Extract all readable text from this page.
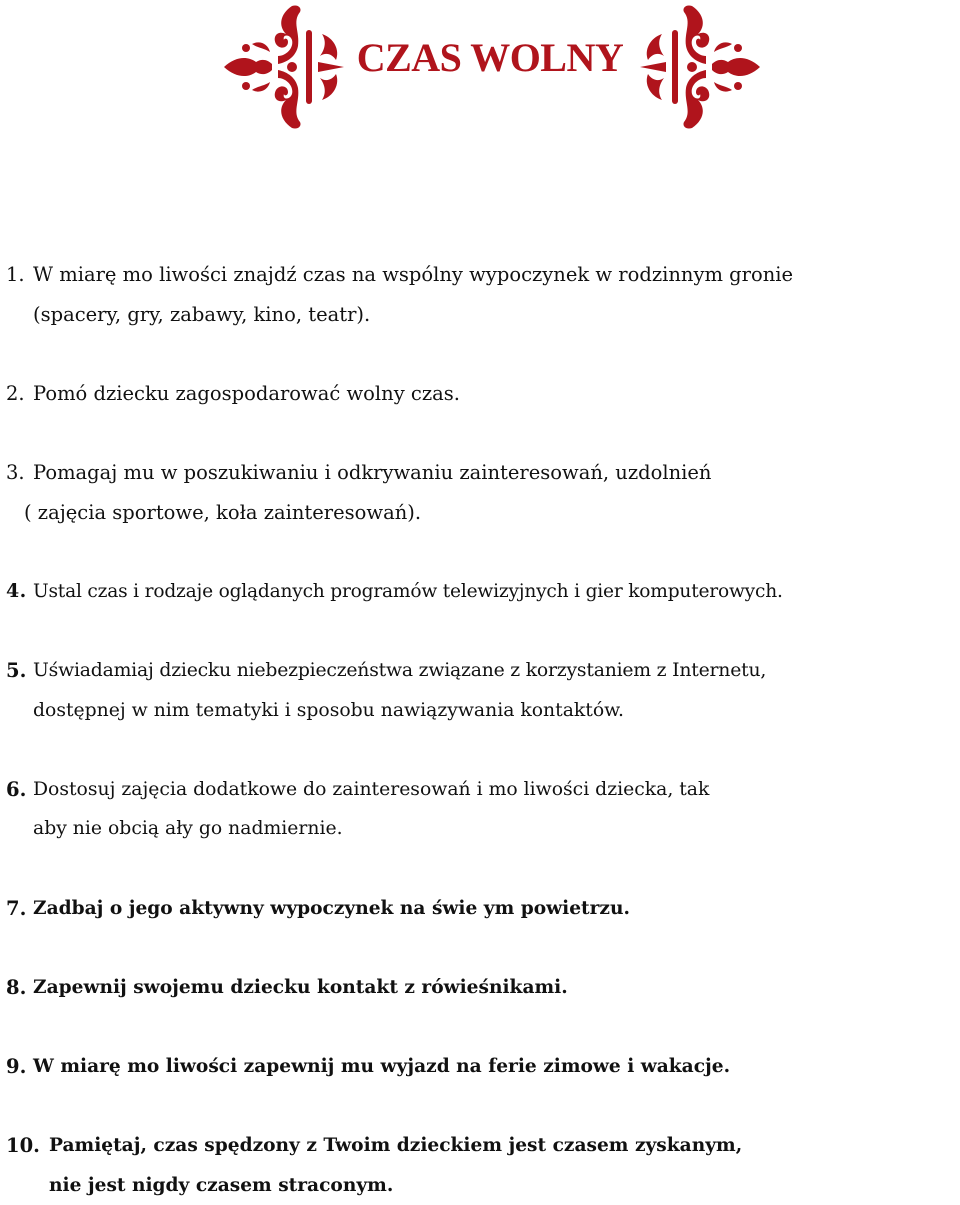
CZAS WOLNY
1. W miarę mo liwości znajdź czas na wspólny wypoczynek w rodzinnym gronie
(spacery, gry, zabawy, kino, teatr).
2. Pomó dziecku zagospodarować wolny czas.
3. Pomagaj mu w poszukiwaniu i odkrywaniu zainteresowań, uzdolnień
( zajęcia sportowe, koła zainteresowań).
4. Ustal czas i rodzaje oglądanych programów telewizyjnych i gier komputerowych.
5. Uświadamiaj dziecku niebezpieczeństwa związane z korzystaniem z Internetu,
dostępnej w nim tematyki i sposobu nawiązywania kontaktów.
6. Dostosuj zajęcia dodatkowe do zainteresowań i mo liwości dziecka, tak
aby nie obcią ały go nadmiernie.
7. Zadbaj o jego aktywny wypoczynek na świe ym powietrzu.
8. Zapewnij swojemu dziecku kontakt z rówieśnikami.
9. W miarę mo liwości zapewnij mu wyjazd na ferie zimowe i wakacje.
10. Pamiętaj, czas spędzony z Twoim dzieckiem jest czasem zyskanym,
nie jest nigdy czasem straconym.
